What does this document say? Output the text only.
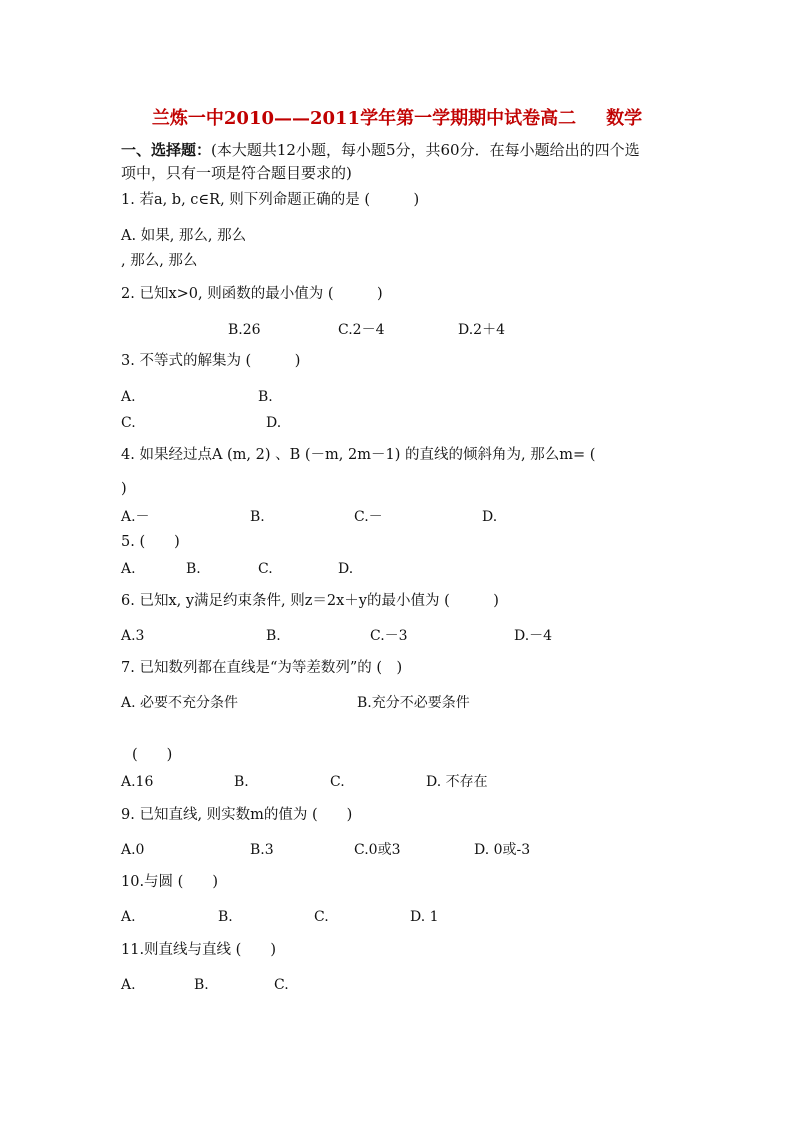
兰炼一中2010——2011学年第一学期期中试卷高二 数学
一、选择题：(本大题共12小题，每小题5分，共60分．在每小题给出的四个选
项中，只有一项是符合题目要求的)
1. 若a, b, c∈R, 则下列命题正确的是 (　　　)
A. 如果, 那么, 那么
, 那么, 那么
2. 已知x>0, 则函数的最小值为 (　　　)
B.26	C.2－4	D.2＋4
3. 不等式的解集为 (　　　)
A.	B.
C.	D.
4. 如果经过点A (m, 2) 、B (－m, 2m－1) 的直线的倾斜角为, 那么m= (
)
A.－	B.	C.－	D.
5. (　　)
A.	B.	C.	D.
6. 已知x, y满足约束条件, 则z＝2x＋y的最小值为 (　　　)
A.3	B.	C.－3	D.－4
7. 已知数列都在直线是“为等差数列”的 (　)
A. 必要不充分条件	B.充分不必要条件
(　　)
A.16	B.	C.	D. 不存在
9. 已知直线, 则实数m的值为 (　　)
A.0	B.3	C.0或3	D. 0或-3
10.与圆 (　　)
A.	B.	C.	D. 1
11.则直线与直线 (　　)
A.	B.	C.
